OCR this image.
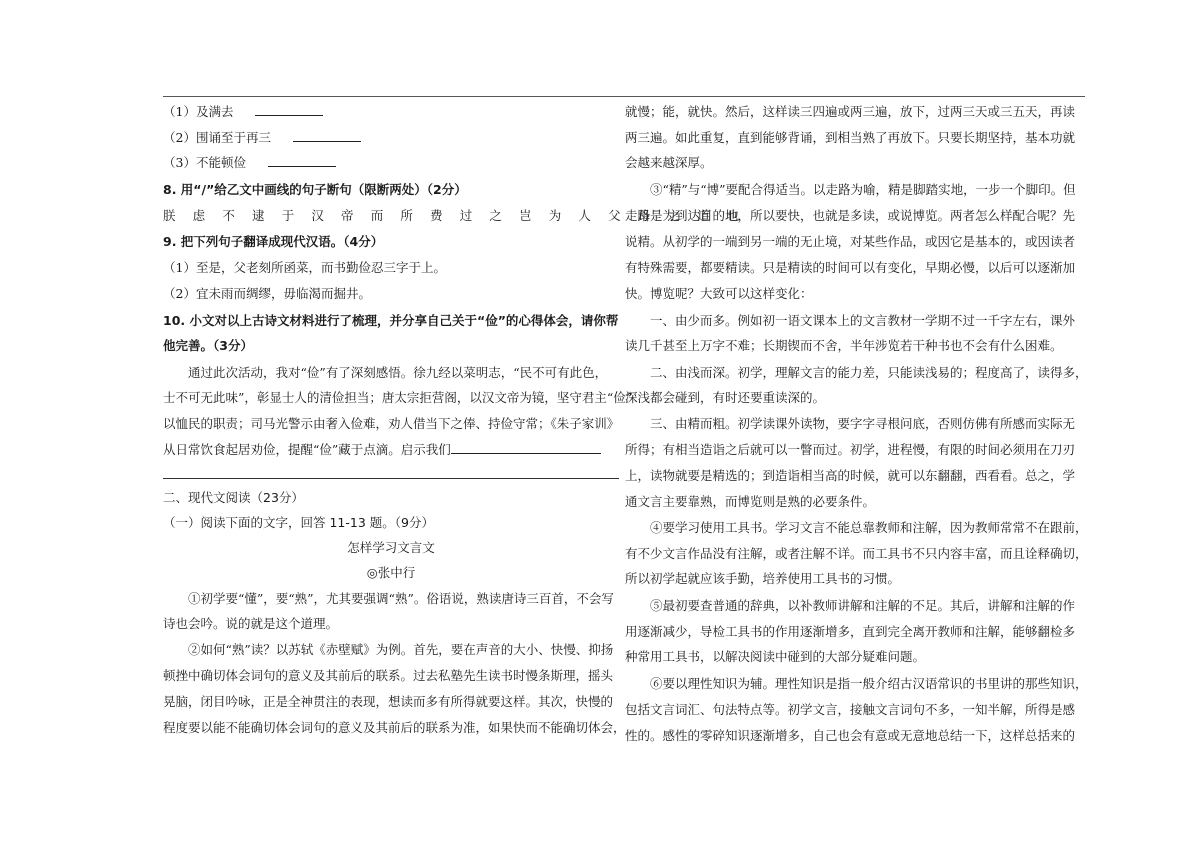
（1）及满去
（2）围诵至于再三
（3）不能顿俭
8. 用“/”给乙文中画线的句子断句（限断两处）（2分）
朕 虑 不 逮 于 汉 帝 而 所 费 过 之 岂 为 人 父 母 之 道 也
9. 把下列句子翻译成现代汉语。（4分）
（1）至是，父老刻所函菜，而书勤俭忍三字于上。
（2）宜未雨而绸缪，毋临渴而掘井。
10. 小文对以上古诗文材料进行了梳理，并分享自己关于“俭”的心得体会，请你帮
他完善。（3分）
　　通过此次活动，我对“俭”有了深刻感悟。徐九经以菜明志，“民不可有此色，
士不可无此味”，彰显士人的清俭担当；唐太宗拒营阁，以汉文帝为镜，坚守君主“俭”
以恤民的职责；司马光警示由奢入俭难，劝人借当下之俸、持俭守常；《朱子家训》
从日常饮食起居劝俭，提醒“俭”藏于点滴。启示我们
二、现代文阅读（23分）
（一）阅读下面的文字，回答 11-13 题。（9分）
怎样学习文言文
◎张中行
　　①初学要“懂”，要“熟”，尤其要强调“熟”。俗语说，熟读唐诗三百首，不会写
诗也会吟。说的就是这个道理。
　　②如何“熟”读？以苏轼《赤壁赋》为例。首先，要在声音的大小、快慢、抑扬
顿挫中确切体会词句的意义及其前后的联系。过去私塾先生读书时慢条斯理，摇头
晃脑，闭目吟咏，正是全神贯注的表现，想读而多有所得就要这样。其次，快慢的
程度要以能不能确切体会词句的意义及其前后的联系为准，如果快而不能确切体会，
就慢；能，就快。然后，这样读三四遍或两三遍，放下，过两三天或三五天，再读
两三遍。如此重复，直到能够背诵，到相当熟了再放下。只要长期坚持，基本功就
会越来越深厚。
　　③“精”与“博”要配合得适当。以走路为喻，精是脚踏实地，一步一个脚印。但
走路是为到达目的地，所以要快，也就是多读，或说博览。两者怎么样配合呢？先
说精。从初学的一端到另一端的无止境，对某些作品，或因它是基本的，或因读者
有特殊需要，都要精读。只是精读的时间可以有变化，早期必慢，以后可以逐渐加
快。博览呢？大致可以这样变化：
　　一、由少而多。例如初一语文课本上的文言教材一学期不过一千字左右，课外
读几千甚至上万字不难；长期锲而不舍，半年涉览若干种书也不会有什么困难。
　　二、由浅而深。初学，理解文言的能力差，只能读浅易的；程度高了，读得多，
深浅都会碰到，有时还要重读深的。
　　三、由精而粗。初学读课外读物，要字字寻根问底，否则仿佛有所感而实际无
所得；有相当造诣之后就可以一瞥而过。初学，进程慢，有限的时间必须用在刀刃
上，读物就要是精选的；到造诣相当高的时候，就可以东翻翻，西看看。总之，学
通文言主要靠熟，而博览则是熟的必要条件。
　　④要学习使用工具书。学习文言不能总靠教师和注解，因为教师常常不在跟前，
有不少文言作品没有注解，或者注解不详。而工具书不只内容丰富，而且诠释确切，
所以初学起就应该手勤，培养使用工具书的习惯。
　　⑤最初要查普通的辞典，以补教师讲解和注解的不足。其后，讲解和注解的作
用逐渐减少，导检工具书的作用逐渐增多，直到完全离开教师和注解，能够翻检多
种常用工具书，以解决阅读中碰到的大部分疑难问题。
　　⑥要以理性知识为辅。理性知识是指一般介绍古汉语常识的书里讲的那些知识，
包括文言词汇、句法特点等。初学文言，接触文言词句不多，一知半解，所得是感
性的。感性的零碎知识逐渐增多，自己也会有意或无意地总结一下，这样总括来的
